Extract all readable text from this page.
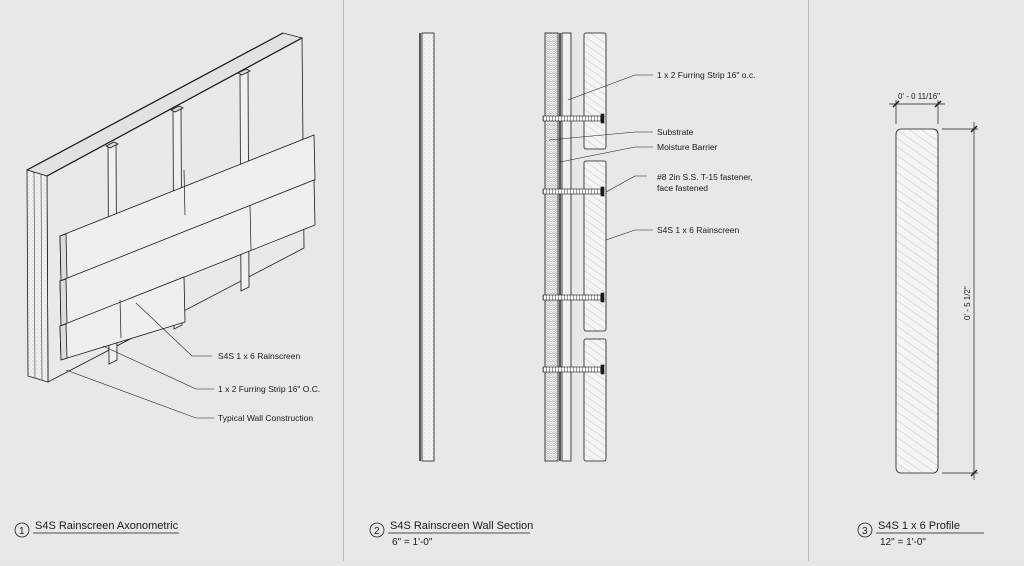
S4S 1 x 6 Rainscreen
1 x 2 Furring Strip 16" O.C.
Typical Wall Construction
1 S4S Rainscreen Axonometric
1 x 2 Furring Strip 16" o.c.
Substrate
Moisture Barrier
#8 2in S.S. T-15 fastener,
face fastened
S4S 1 x 6 Rainscreen
2 S4S Rainscreen Wall Section
6" = 1'-0"
0' - 0 11/16"
0' - 5 1/2"
3 S4S 1 x 6 Profile
12" = 1'-0"
